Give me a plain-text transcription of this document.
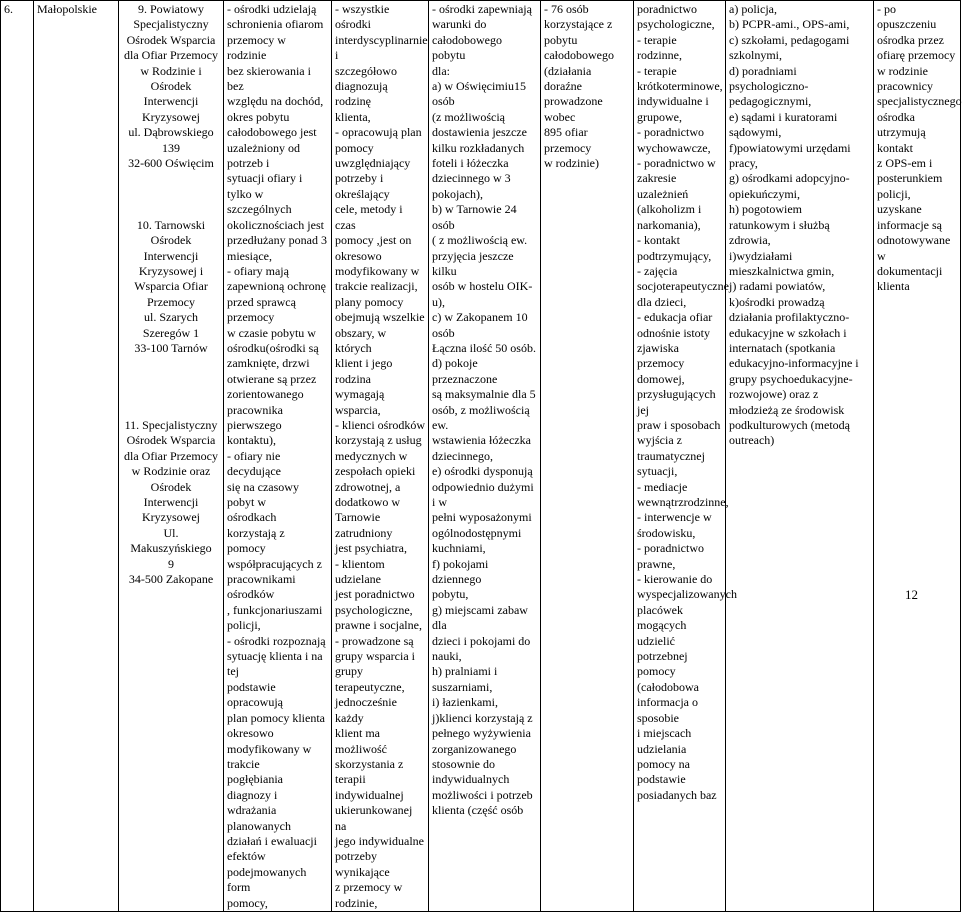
6.	Małopolskie	9. Powiatowy
Specjalistyczny
Ośrodek Wsparcia
dla Ofiar Przemocy
w Rodzinie i
Ośrodek Interwencji
Kryzysowej
ul. Dąbrowskiego
139
32-600 Oświęcim

10. Tarnowski
Ośrodek Interwencji
Kryzysowej i
Wsparcia Ofiar
Przemocy
ul. Szarych
Szeregów 1
33-100 Tarnów

11. Specjalistyczny
Ośrodek Wsparcia
dla Ofiar Przemocy
w Rodzinie oraz
Ośrodek Interwencji
Kryzysowej
Ul. Makuszyńskiego
9
34-500 Zakopane	- ośrodki udzielają
schronienia ofiarom
przemocy w rodzinie
bez skierowania i bez
względu na dochód,
okres pobytu
całodobowego jest
uzależniony od potrzeb i
sytuacji ofiary i tylko w
szczególnych
okolicznościach jest
przedłużany ponad 3
miesiące,
- ofiary mają
zapewnioną ochronę
przed sprawcą przemocy
w czasie pobytu w
ośrodku(ośrodki są
zamknięte, drzwi
otwierane są przez
zorientowanego
pracownika pierwszego
kontaktu),
- ofiary nie decydujące
się na czasowy pobyt w
ośrodkach korzystają z
pomocy
współpracujących z
pracownikami ośrodków
, funkcjonariuszami
policji,
- ośrodki rozpoznają
sytuację klienta i na tej
podstawie opracowują
plan pomocy klienta
okresowo
modyfikowany w trakcie
pogłębiania diagnozy i
wdrażania planowanych
działań i ewaluacji
efektów
podejmowanych form
pomocy,	- wszystkie ośrodki
interdyscyplinarnie i
szczegółowo
diagnozują rodzinę
klienta,
- opracowują plan
pomocy
uwzględniający
potrzeby i określający
cele, metody i czas
pomocy ,jest on
okresowo
modyfikowany w
trakcie realizacji,
plany pomocy
obejmują wszelkie
obszary, w których
klient i jego rodzina
wymagają wsparcia,
- klienci ośrodków
korzystają z usług
medycznych w
zespołach opieki
zdrowotnej, a
dodatkowo w
Tarnowie zatrudniony
jest psychiatra,
- klientom udzielane
jest poradnictwo
psychologiczne,
prawne i socjalne,
- prowadzone są
grupy wsparcia i
grupy terapeutyczne,
jednocześnie każdy
klient ma możliwość
skorzystania z terapii
indywidualnej
ukierunkowanej na
jego indywidualne
potrzeby wynikające
z przemocy w
rodzinie,	- ośrodki zapewniają
warunki do
całodobowego pobytu
dla:
a) w Oświęcimiu15 osób
(z możliwością
dostawienia jeszcze
kilku rozkładanych
foteli i łóżeczka
dziecinnego w 3
pokojach),
b) w Tarnowie 24 osób
( z możliwością ew.
przyjęcia jeszcze kilku
osób w hostelu OIK-u),
c) w Zakopanem 10
osób
Łączna ilość 50 osób.
d) pokoje przeznaczone
są maksymalnie dla 5
osób, z możliwością ew.
wstawienia łóżeczka
dziecinnego,
e) ośrodki dysponują
odpowiednio dużymi i w
pełni wyposażonymi
ogólnodostępnymi
kuchniami,
f) pokojami dziennego
pobytu,
g) miejscami zabaw dla
dzieci i pokojami do
nauki,
h) pralniami i
suszarniami,
i) łazienkami,
j)klienci korzystają z
pełnego wyżywienia
zorganizowanego
stosownie do
indywidualnych
możliwości i potrzeb
klienta (część osób	- 76 osób korzystające z
pobytu całodobowego
(działania doraźne
prowadzone wobec
895 ofiar przemocy
w rodzinie)	poradnictwo
psychologiczne,
- terapie rodzinne,
- terapie
krótkoterminowe,
indywidualne i
grupowe,
- poradnictwo
wychowawcze,
- poradnictwo w
zakresie uzależnień
(alkoholizm i
narkomania),
- kontakt
podtrzymujący,
- zajęcia
socjoterapeutyczne
dla dzieci,
- edukacja ofiar
odnośnie istoty
zjawiska przemocy
domowej,
przysługujących jej
praw i sposobach
wyjścia z
traumatycznej
sytuacji,
- mediacje
wewnątrzrodzinne,
- interwencje w
środowisku,
- poradnictwo
prawne,
- kierowanie do
wyspecjalizowanych
placówek mogących
udzielić potrzebnej
pomocy (całodobowa
informacja o sposobie
i miejscach
udzielania pomocy na
podstawie
posiadanych baz	a) policja,
b) PCPR-ami., OPS-ami,
c) szkołami, pedagogami
szkolnymi,
d) poradniami
psychologiczno-
pedagogicznymi,
e) sądami i kuratorami
sądowymi,
f)powiatowymi urzędami
pracy,
g) ośrodkami adopcyjno-
opiekuńczymi,
h) pogotowiem
ratunkowym i służbą
zdrowia,
i)wydziałami
mieszkalnictwa gmin,
j) radami powiatów,
k)ośrodki prowadzą
działania profilaktyczno-
edukacyjne w szkołach i
internatach (spotkania
edukacyjno-informacyjne i
grupy psychoedukacyjne-
rozwojowe) oraz z
młodzieżą ze środowisk
podkulturowych (metodą
outreach)	- po opuszczeniu
ośrodka przez
ofiarę przemocy
w rodzinie
pracownicy
specjalistycznego
ośrodka
utrzymują kontakt
z OPS-em i
posterunkiem
policji, uzyskane
informacje są
odnotowywane w
dokumentacji
klienta
12
